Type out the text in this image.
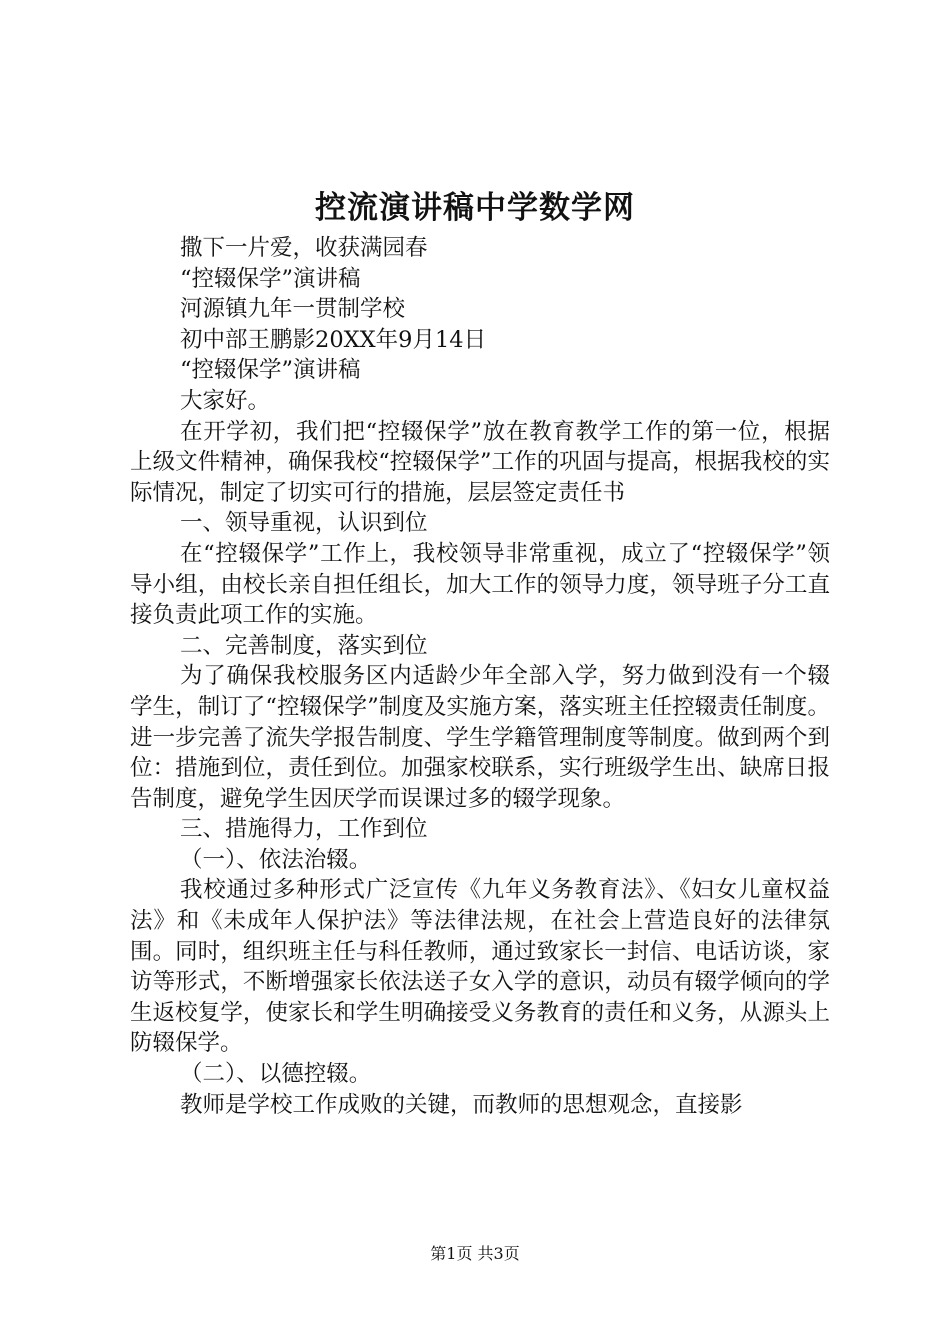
控流演讲稿中学数学网

撒下一片爱，收获满园春

“控辍保学”演讲稿

河源镇九年一贯制学校

初中部王鹏影20XX年9月14日

“控辍保学”演讲稿

大家好。

在开学初，我们把“控辍保学”放在教育教学工作的第一位，根据上级文件精神，确保我校“控辍保学”工作的巩固与提高，根据我校的实际情况，制定了切实可行的措施，层层签定责任书

一、领导重视，认识到位

在“控辍保学”工作上，我校领导非常重视，成立了“控辍保学”领导小组，由校长亲自担任组长，加大工作的领导力度，领导班子分工直接负责此项工作的实施。

二、完善制度，落实到位

为了确保我校服务区内适龄少年全部入学，努力做到没有一个辍学生，制订了“控辍保学”制度及实施方案，落实班主任控辍责任制度。进一步完善了流失学报告制度、学生学籍管理制度等制度。做到两个到位：措施到位，责任到位。加强家校联系，实行班级学生出、缺席日报告制度，避免学生因厌学而误课过多的辍学现象。

三、措施得力，工作到位

（一）、依法治辍。

我校通过多种形式广泛宣传《九年义务教育法》、《妇女儿童权益法》和《未成年人保护法》等法律法规，在社会上营造良好的法律氛围。同时，组织班主任与科任教师，通过致家长一封信、电话访谈，家访等形式，不断增强家长依法送子女入学的意识，动员有辍学倾向的学生返校复学，使家长和学生明确接受义务教育的责任和义务，从源头上防辍保学。

（二）、以德控辍。

教师是学校工作成败的关键，而教师的思想观念，直接影

第1页 共3页
